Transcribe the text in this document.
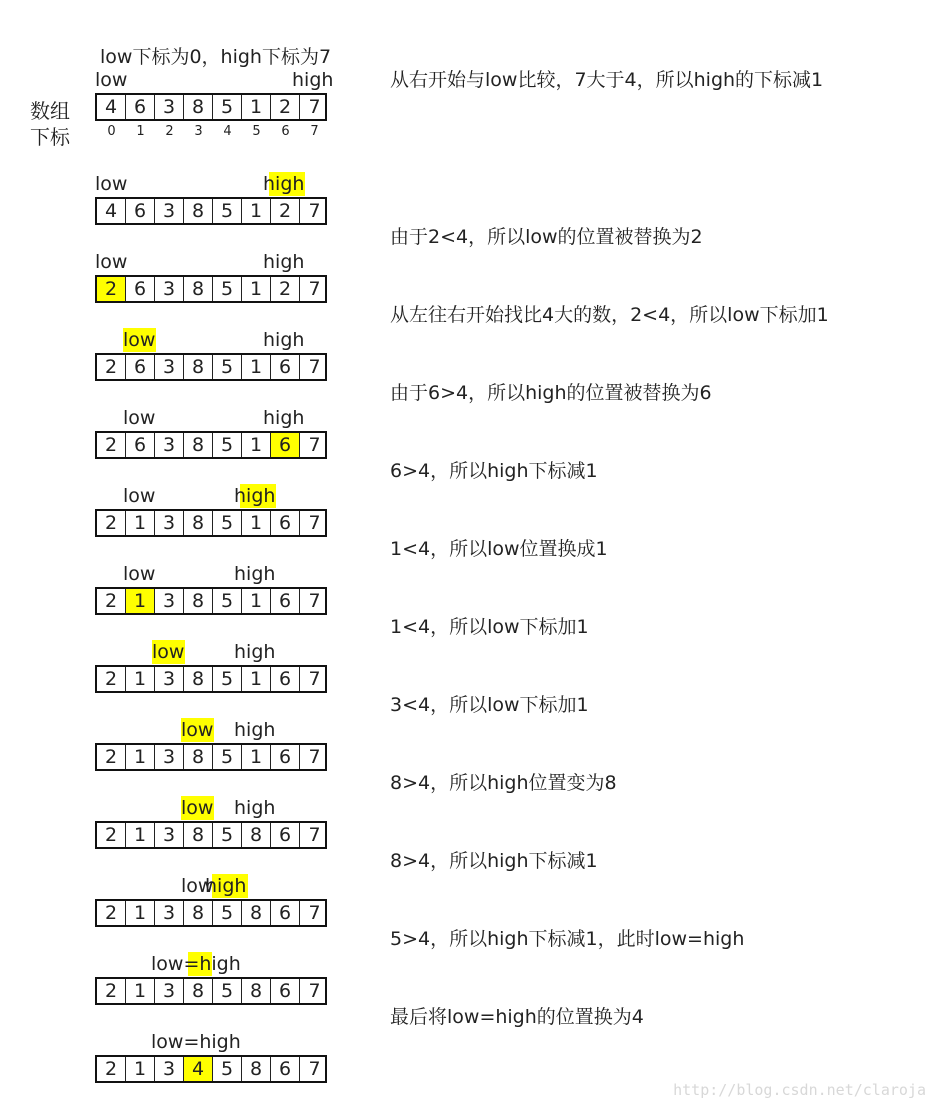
low下标为0，high下标为7
数组
下标	0	1	2	3	4	5	6	7
low	high
4 6 3 8 5 1 2 7
low	high
4 6 3 8 5 1 2 7
low	high
2 6 3 8 5 1 2 7
low	high
2 6 3 8 5 1 6 7
low	high
2 6 3 8 5 1 6 7
low	high
2 1 3 8 5 1 6 7
low	high
2 1 3 8 5 1 6 7
low	high
2 1 3 8 5 1 6 7
low high
2 1 3 8 5 1 6 7
low high
2 1 3 8 5 8 6 7
low
high
2 1 3 8 5 8 6 7
low=high
2 1 3 8 5 8 6 7
low=high
2 1 3 4 5 8 6 7
从右开始与low比较，7大于4，所以high的下标减1
由于2<4，所以low的位置被替换为2
从左往右开始找比4大的数，2<4，所以low下标加1
由于6>4，所以high的位置被替换为6
6>4，所以high下标减1
1<4，所以low位置换成1
1<4，所以low下标加1
3<4，所以low下标加1
8>4，所以high位置变为8
8>4，所以high下标减1
5>4，所以high下标减1，此时low=high
最后将low=high的位置换为4
http://blog.csdn.net/claroja
